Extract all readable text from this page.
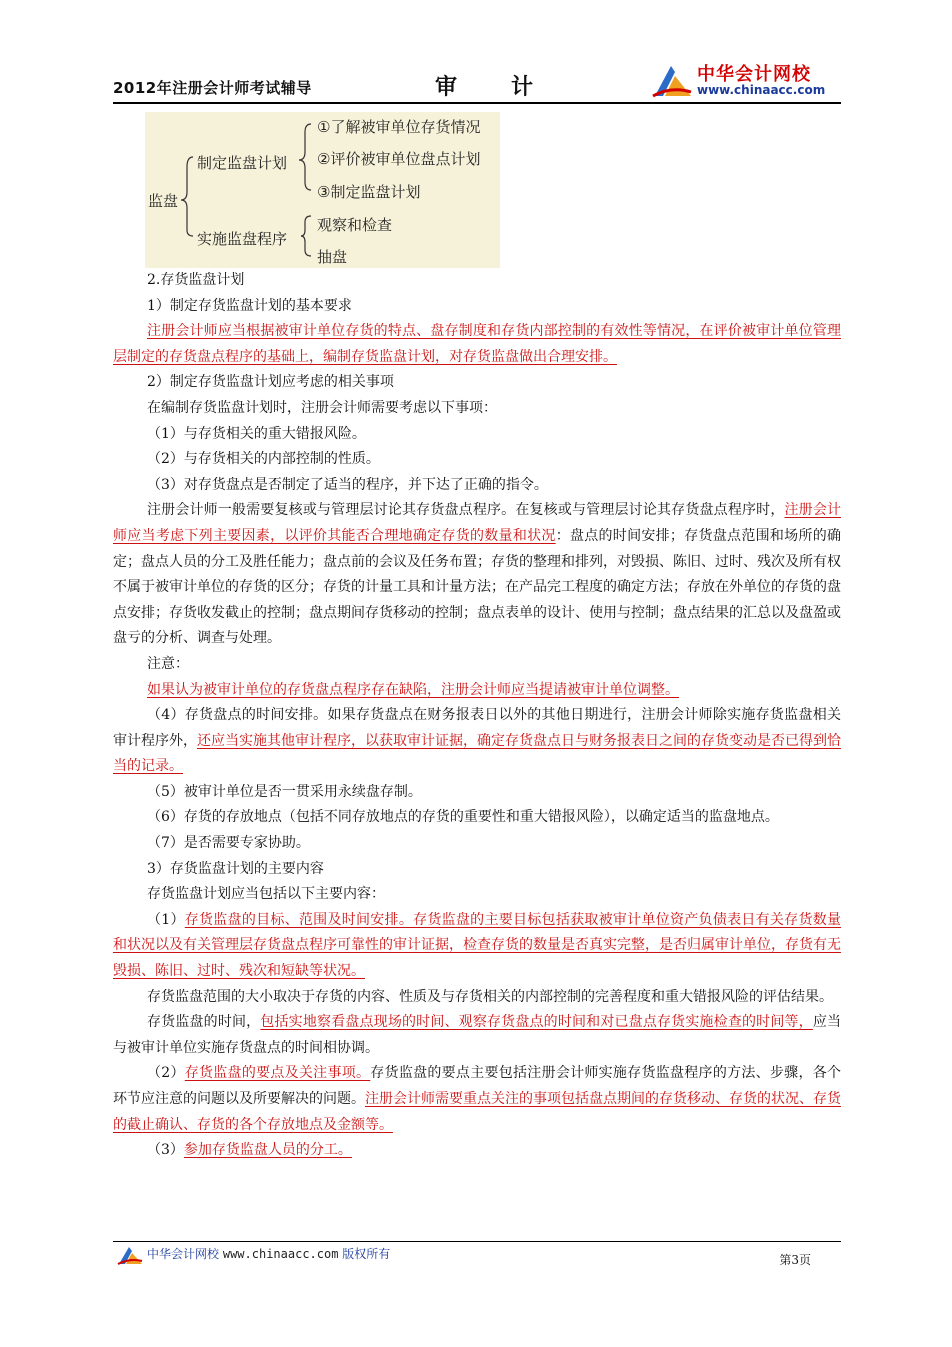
2012年注册会计师考试辅导	审 计
中华会计网校
www.chinaacc.com
监盘
制定监盘计划
①了解被审单位存货情况
②评价被审单位盘点计划
③制定监盘计划
实施监盘程序
观察和检查
抽盘

2.存货监盘计划

1）制定存货监盘计划的基本要求

注册会计师应当根据被审计单位存货的特点、盘存制度和存货内部控制的有效性等情况，在评价被审计单位管理层制定的存货盘点程序的基础上，编制存货监盘计划，对存货监盘做出合理安排。

2）制定存货监盘计划应考虑的相关事项

在编制存货监盘计划时，注册会计师需要考虑以下事项：

（1）与存货相关的重大错报风险。

（2）与存货相关的内部控制的性质。

（3）对存货盘点是否制定了适当的程序，并下达了正确的指令。

注册会计师一般需要复核或与管理层讨论其存货盘点程序。在复核或与管理层讨论其存货盘点程序时，注册会计师应当考虑下列主要因素，以评价其能否合理地确定存货的数量和状况：盘点的时间安排；存货盘点范围和场所的确定；盘点人员的分工及胜任能力；盘点前的会议及任务布置；存货的整理和排列，对毁损、陈旧、过时、残次及所有权不属于被审计单位的存货的区分；存货的计量工具和计量方法；在产品完工程度的确定方法；存放在外单位的存货的盘点安排；存货收发截止的控制；盘点期间存货移动的控制；盘点表单的设计、使用与控制；盘点结果的汇总以及盘盈或盘亏的分析、调查与处理。

注意：

如果认为被审计单位的存货盘点程序存在缺陷，注册会计师应当提请被审计单位调整。

（4）存货盘点的时间安排。如果存货盘点在财务报表日以外的其他日期进行，注册会计师除实施存货监盘相关审计程序外，还应当实施其他审计程序，以获取审计证据，确定存货盘点日与财务报表日之间的存货变动是否已得到恰当的记录。

（5）被审计单位是否一贯采用永续盘存制。

（6）存货的存放地点（包括不同存放地点的存货的重要性和重大错报风险），以确定适当的监盘地点。

（7）是否需要专家协助。

3）存货监盘计划的主要内容

存货监盘计划应当包括以下主要内容：

（1）存货监盘的目标、范围及时间安排。存货监盘的主要目标包括获取被审计单位资产负债表日有关存货数量和状况以及有关管理层存货盘点程序可靠性的审计证据，检查存货的数量是否真实完整，是否归属审计单位，存货有无毁损、陈旧、过时、残次和短缺等状况。

存货监盘范围的大小取决于存货的内容、性质及与存货相关的内部控制的完善程度和重大错报风险的评估结果。

存货监盘的时间，包括实地察看盘点现场的时间、观察存货盘点的时间和对已盘点存货实施检查的时间等，应当与被审计单位实施存货盘点的时间相协调。

（2）存货监盘的要点及关注事项。存货监盘的要点主要包括注册会计师实施存货监盘程序的方法、步骤，各个环节应注意的问题以及所要解决的问题。注册会计师需要重点关注的事项包括盘点期间的存货移动、存货的状况、存货的截止确认、存货的各个存放地点及金额等。

（3）参加存货监盘人员的分工。

中华会计网校 www.chinaacc.com 版权所有	第3页
